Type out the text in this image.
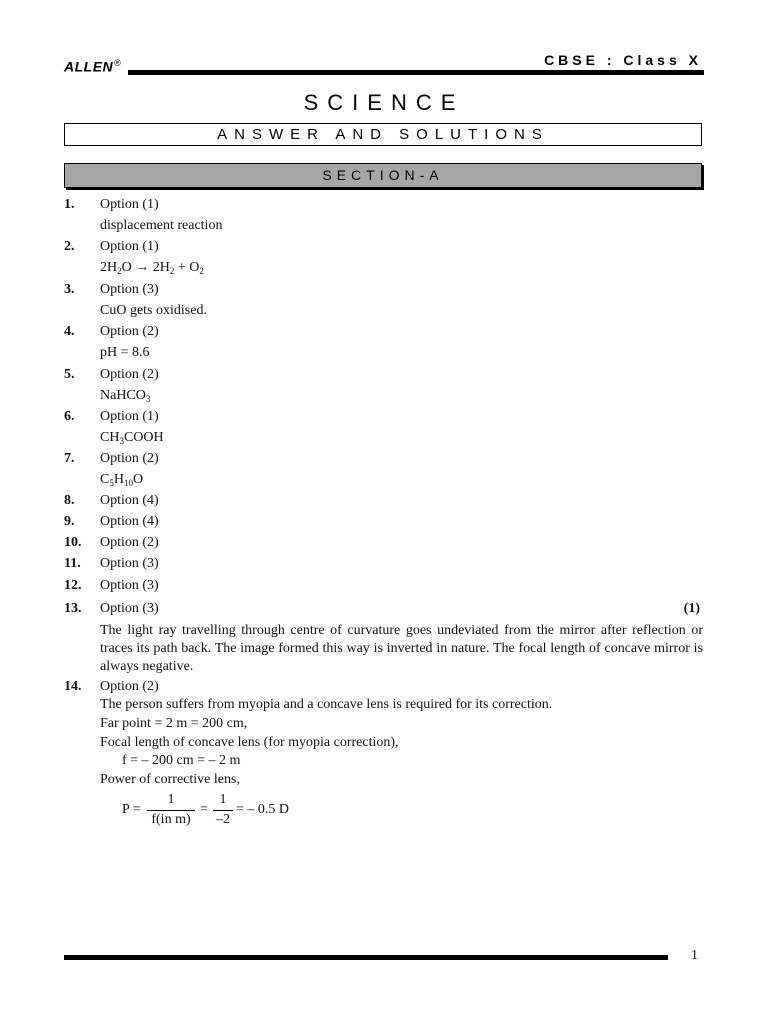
ALLEN®	CBSE : Class X
SCIENCE
ANSWER AND SOLUTIONS
SECTION-A
1. Option (1)
displacement reaction
2. Option (1)
$2H_2O \to 2H_2 + O_2$
3. Option (3)
CuO gets oxidised.
4. Option (2)
pH = 8.6
5. Option (2)
NaHCO$_3$
6. Option (1)
$CH_3COOH$
7. Option (2)
$C_5H_{10}O$
8. Option (4)
9. Option (4)
10. Option (2)
11. Option (3)
12. Option (3)
13. Option (3)	(1)
The light ray travelling through centre of curvature goes undeviated from the mirror after reflection or traces its path back. The image formed this way is inverted in nature. The focal length of concave mirror is always negative.
14. Option (2)
The person suffers from myopia and a concave lens is required for its correction.
Far point = 2 m = 200 cm,
Focal length of concave lens (for myopia correction),
f = – 200 cm = – 2 m
Power of corrective lens,
P =
1
f(in m)
=
1
–2
= – 0.5 D
1
